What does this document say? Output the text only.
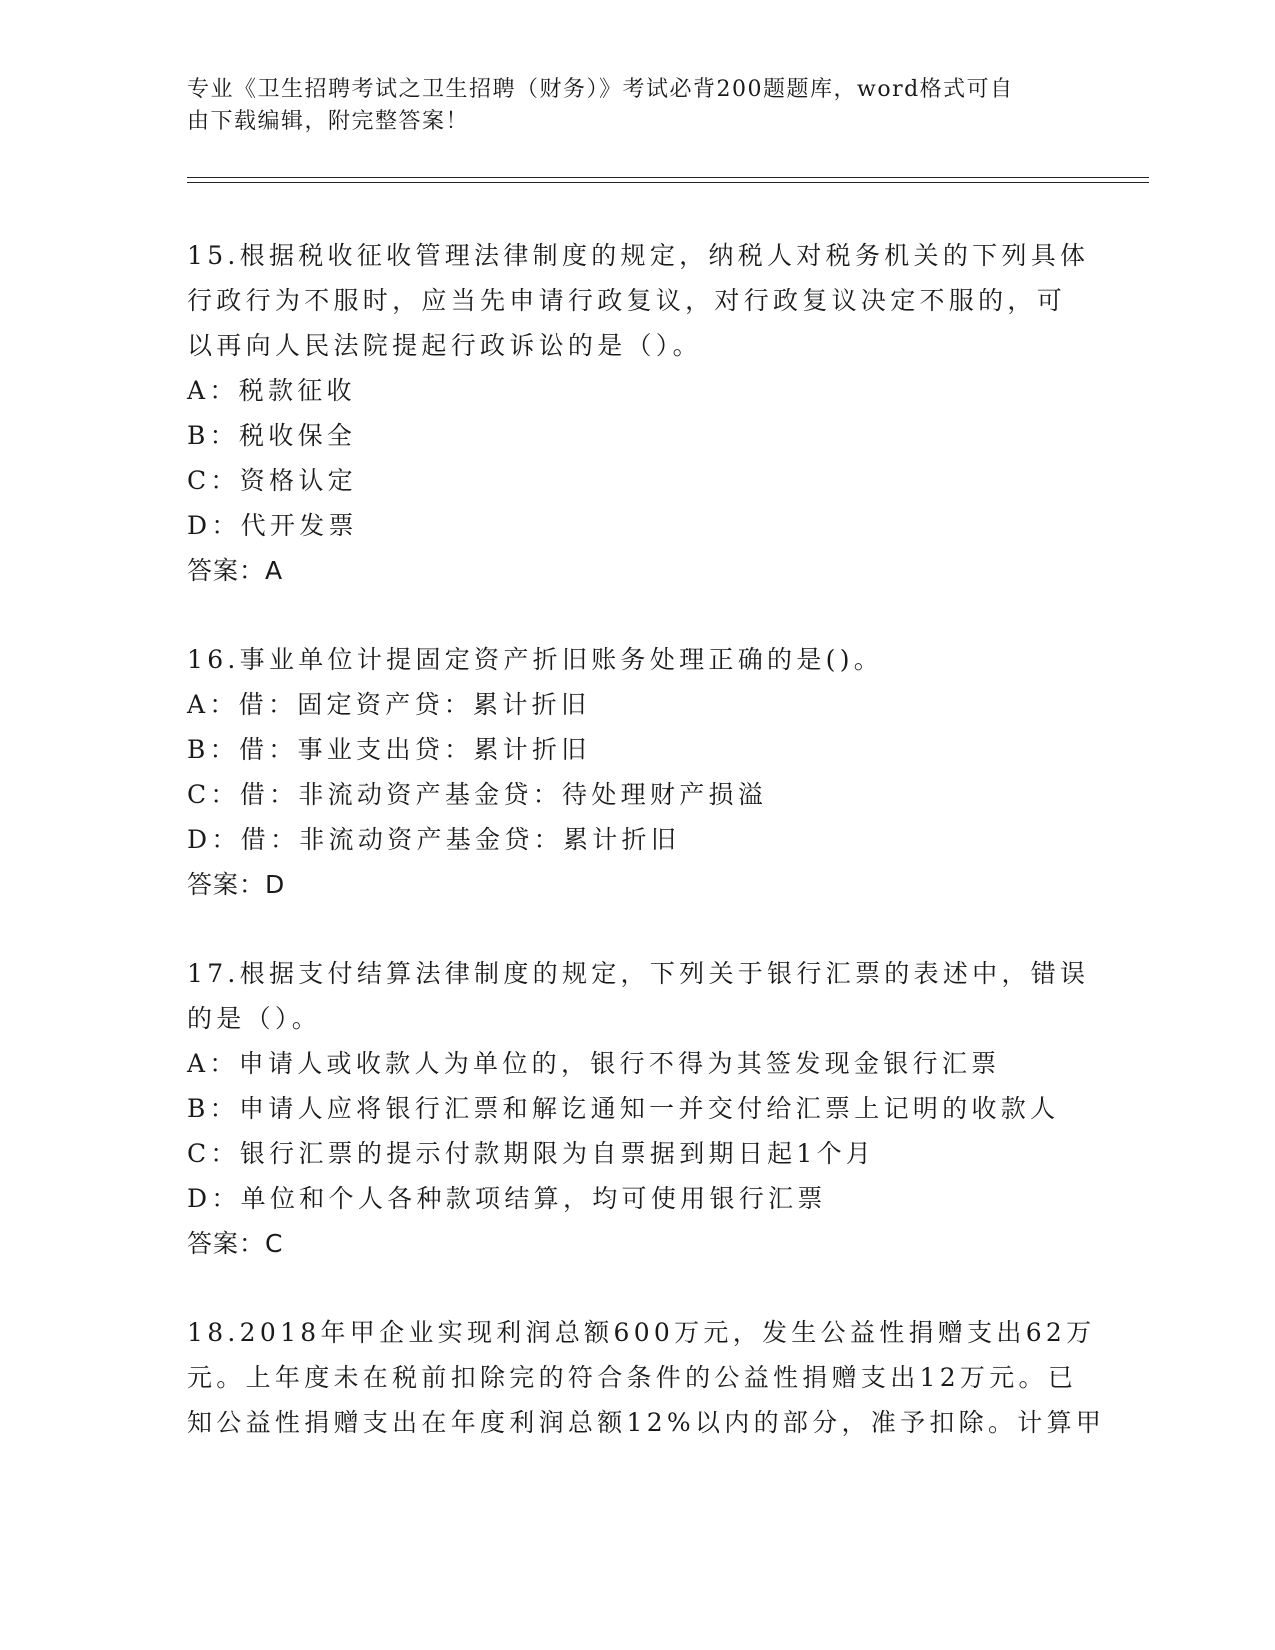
专业《卫生招聘考试之卫生招聘（财务）》考试必背200题题库，word格式可自
由下载编辑，附完整答案！
15.根据税收征收管理法律制度的规定，纳税人对税务机关的下列具体
行政行为不服时，应当先申请行政复议，对行政复议决定不服的，可
以再向人民法院提起行政诉讼的是（）。
A：税款征收
B：税收保全
C：资格认定
D：代开发票
答案：A
16.事业单位计提固定资产折旧账务处理正确的是()。
A：借：固定资产贷：累计折旧
B：借：事业支出贷：累计折旧
C：借：非流动资产基金贷：待处理财产损溢
D：借：非流动资产基金贷：累计折旧
答案：D
17.根据支付结算法律制度的规定，下列关于银行汇票的表述中，错误
的是（）。
A：申请人或收款人为单位的，银行不得为其签发现金银行汇票
B：申请人应将银行汇票和解讫通知一并交付给汇票上记明的收款人
C：银行汇票的提示付款期限为自票据到期日起1个月
D：单位和个人各种款项结算，均可使用银行汇票
答案：C
18.2018年甲企业实现利润总额600万元，发生公益性捐赠支出62万
元。上年度未在税前扣除完的符合条件的公益性捐赠支出12万元。已
知公益性捐赠支出在年度利润总额12%以内的部分，准予扣除。计算甲
